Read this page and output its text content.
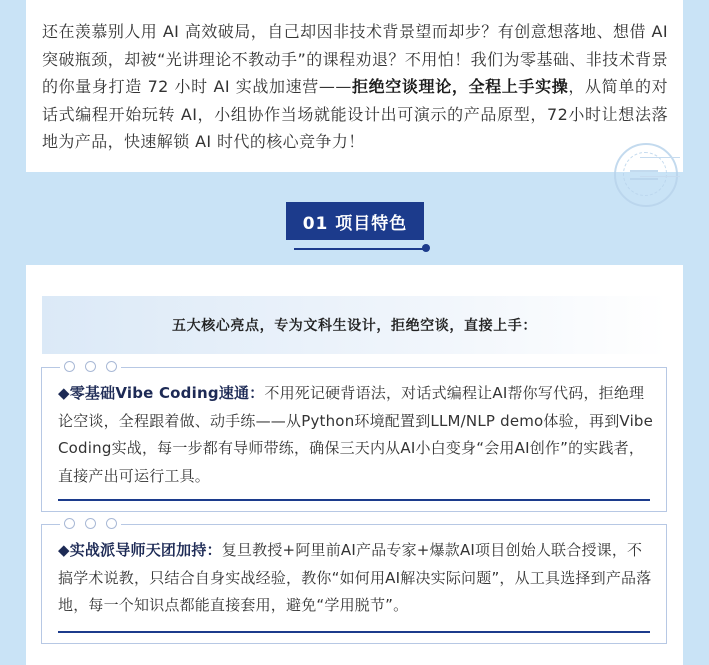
还在羡慕别人用 AI 高效破局，自己却因非技术背景望而却步？有创意想落地、想借 AI 突破瓶颈，却被“光讲理论不教动手”的课程劝退？不用怕！我们为零基础、非技术背景的你量身打造 72 小时 AI 实战加速营——拒绝空谈理论，全程上手实操，从简单的对话式编程开始玩转 AI，小组协作当场就能设计出可演示的产品原型，72小时让想法落地为产品，快速解锁 AI 时代的核心竞争力！

01 项目特色
五大核心亮点，专为文科生设计，拒绝空谈，直接上手：

◆零基础Vibe Coding速通：不用死记硬背语法，对话式编程让AI帮你写代码，拒绝理论空谈，全程跟着做、动手练——从Python环境配置到LLM/NLP demo体验，再到Vibe Coding实战，每一步都有导师带练，确保三天内从AI小白变身“会用AI创作”的实践者，直接产出可运行工具。

◆实战派导师天团加持：复旦教授+阿里前AI产品专家+爆款AI项目创始人联合授课，不搞学术说教，只结合自身实战经验，教你“如何用AI解决实际问题”，从工具选择到产品落地，每一个知识点都能直接套用，避免“学用脱节”。
